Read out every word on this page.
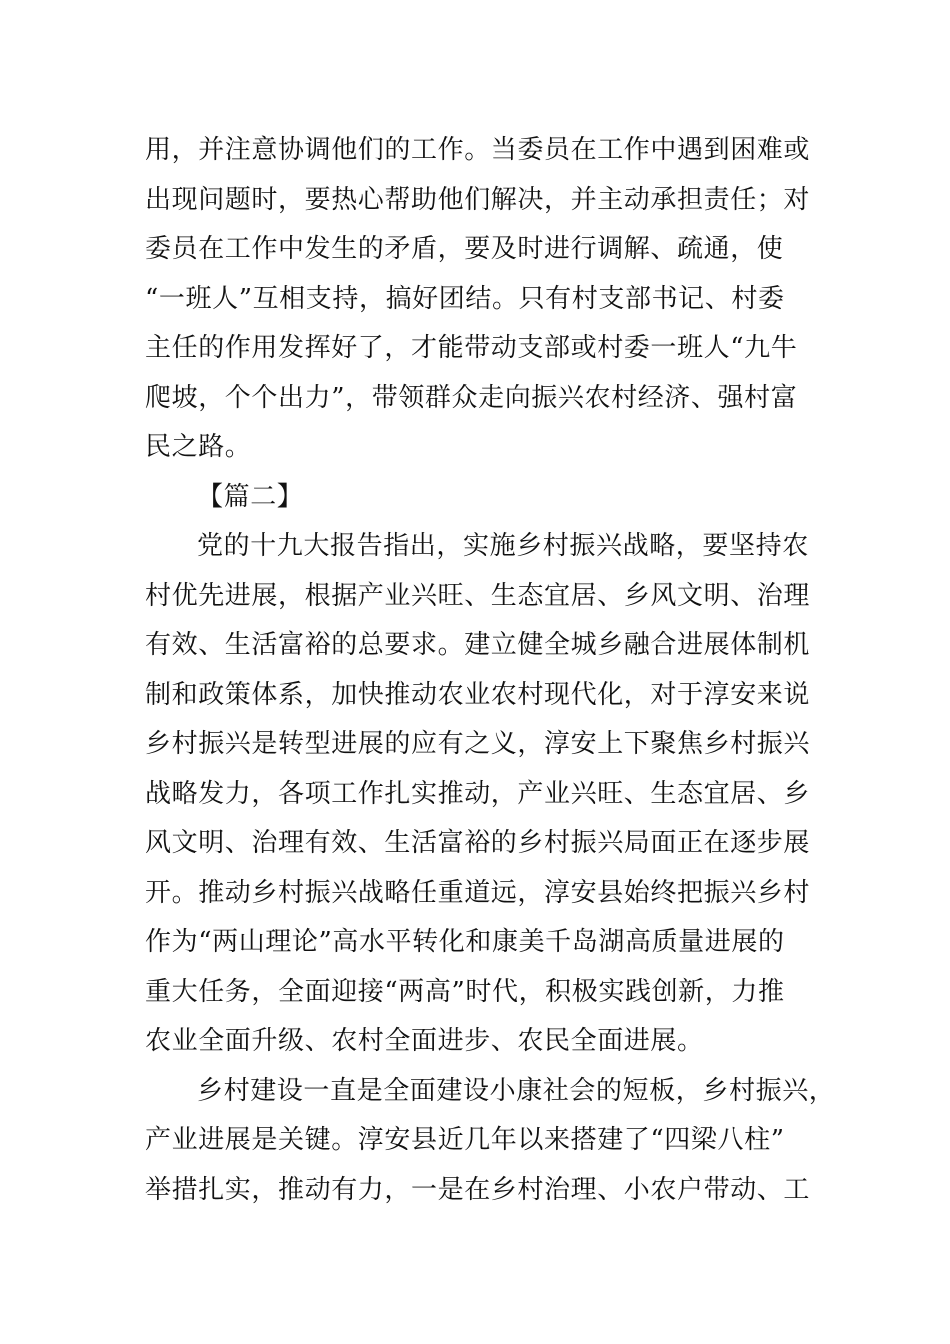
用，并注意协调他们的工作。当委员在工作中遇到困难或
出现问题时，要热心帮助他们解决，并主动承担责任；对
委员在工作中发生的矛盾，要及时进行调解、疏通，使
“一班人”互相支持，搞好团结。只有村支部书记、村委
主任的作用发挥好了，才能带动支部或村委一班人“九牛
爬坡，个个出力”，带领群众走向振兴农村经济、强村富
民之路。
【篇二】
党的十九大报告指出，实施乡村振兴战略，要坚持农
村优先进展，根据产业兴旺、生态宜居、乡风文明、治理
有效、生活富裕的总要求。建立健全城乡融合进展体制机
制和政策体系，加快推动农业农村现代化，对于淳安来说
乡村振兴是转型进展的应有之义，淳安上下聚焦乡村振兴
战略发力，各项工作扎实推动，产业兴旺、生态宜居、乡
风文明、治理有效、生活富裕的乡村振兴局面正在逐步展
开。推动乡村振兴战略任重道远，淳安县始终把振兴乡村
作为“两山理论”高水平转化和康美千岛湖高质量进展的
重大任务，全面迎接“两高”时代，积极实践创新，力推
农业全面升级、农村全面进步、农民全面进展。
乡村建设一直是全面建设小康社会的短板，乡村振兴，
产业进展是关键。淳安县近几年以来搭建了“四梁八柱”
举措扎实，推动有力，一是在乡村治理、小农户带动、工
